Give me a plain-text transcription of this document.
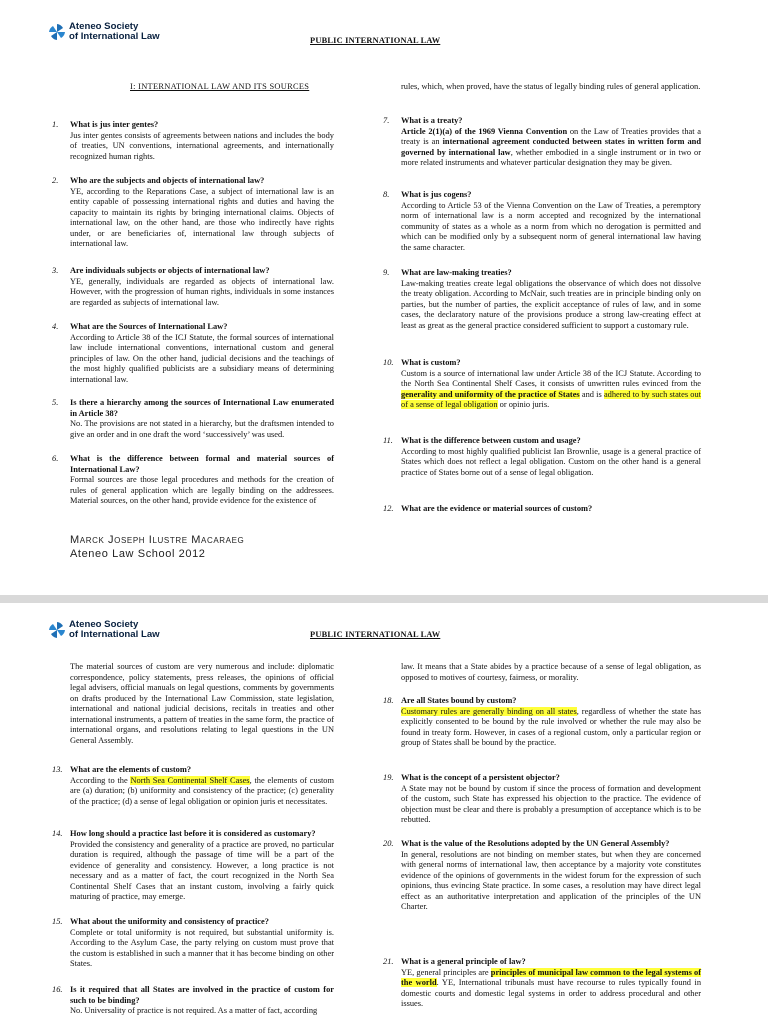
Ateneo Society
of International Law	PUBLIC INTERNATIONAL LAW
I: INTERNATIONAL LAW AND ITS SOURCES
1.	What is jus inter gentes?
Jus inter gentes consists of agreements between nations and includes the body of treaties, UN conventions, international agreements, and internationally recognized human rights.
2.	Who are the subjects and objects of international law?
YE, according to the Reparations Case, a subject of international law is an entity capable of possessing international rights and duties and having the capacity to maintain its rights by bringing international claims. Objects of international law, on the other hand, are those who indirectly have rights under, or are beneficiaries of, international law through subjects of international law.
3.	Are individuals subjects or objects of international law?
YE, generally, individuals are regarded as objects of international law. However, with the progression of human rights, individuals in some instances are regarded as subjects of international law.
4.	What are the Sources of International Law?
According to Article 38 of the ICJ Statute, the formal sources of international law include international conventions, international custom and general principles of law. On the other hand, judicial decisions and the teachings of the most highly qualified publicists are a subsidiary means of determining international law.
5.	Is there a hierarchy among the sources of International Law enumerated in Article 38?
No. The provisions are not stated in a hierarchy, but the draftsmen intended to give an order and in one draft the word ‘successively’ was used.
6.	What is the difference between formal and material sources of International Law?
Formal sources are those legal procedures and methods for the creation of rules of general application which are legally binding on the addressees. Material sources, on the other hand, provide evidence for the existence of
Marck Joseph Ilustre Macaraeg
Ateneo Law School 2012

rules, which, when proved, have the status of legally binding rules of general application.

7.	What is a treaty?
Article 2(1)(a) of the 1969 Vienna Convention on the Law of Treaties provides that a treaty is an international agreement conducted between states in written form and governed by international law, whether embodied in a single instrument or in two or more related instruments and whatever particular designation they may be given.
8.	What is jus cogens?
According to Article 53 of the Vienna Convention on the Law of Treaties, a peremptory norm of international law is a norm accepted and recognized by the international community of states as a whole as a norm from which no derogation is permitted and which can be modified only by a subsequent norm of general international law having the same character.
9.	What are law-making treaties?
Law-making treaties create legal obligations the observance of which does not dissolve the treaty obligation. According to McNair, such treaties are in principle binding only on parties, but the number of parties, the explicit acceptance of rules of law, and in some cases, the declaratory nature of the provisions produce a strong law-creating effect at least as great as the general practice considered sufficient to support a customary rule.
10. What is custom?
Custom is a source of international law under Article 38 of the ICJ Statute. According to the North Sea Continental Shelf Cases, it consists of unwritten rules evinced from the generality and uniformity of the practice of States and is adhered to by such states out of a sense of legal obligation or opinio juris.
11. What is the difference between custom and usage?
According to most highly qualified publicist Ian Brownlie, usage is a general practice of States which does not reflect a legal obligation. Custom on the other hand is a general practice of States borne out of a sense of legal obligation.
12. What are the evidence or material sources of custom?
Ateneo Society
of International Law	PUBLIC INTERNATIONAL LAW

The material sources of custom are very numerous and include: diplomatic correspondence, policy statements, press releases, the opinions of official legal advisers, official manuals on legal questions, comments by governments on drafts produced by the International Law Commission, state legislation, international and national judicial decisions, recitals in treaties and other international instruments, a pattern of treaties in the same form, the practice of international organs, and resolutions relating to legal questions in the UN General Assembly.

13. What are the elements of custom?
According to the North Sea Continental Shelf Cases, the elements of custom are (a) duration; (b) uniformity and consistency of the practice; (c) generality of the practice; (d) a sense of legal obligation or opinion juris et necessitates.
14. How long should a practice last before it is considered as customary?
Provided the consistency and generality of a practice are proved, no particular duration is required, although the passage of time will be a part of the evidence of generality and consistency. However, a long practice is not necessary and as a matter of fact, the court recognized in the North Sea Continental Shelf Cases that an instant custom, involving a fairly quick maturing of practice, may emerge.
15. What about the uniformity and consistency of practice?
Complete or total uniformity is not required, but substantial uniformity is. According to the Asylum Case, the party relying on custom must prove that the custom is established in such a manner that it has become binding on other States.
16. Is it required that all States are involved in the practice of custom for such to be binding?
No. Universality of practice is not required. As a matter of fact, according

law. It means that a State abides by a practice because of a sense of legal obligation, as opposed to motives of courtesy, fairness, or morality.

18. Are all States bound by custom?
Customary rules are generally binding on all states, regardless of whether the state has explicitly consented to be bound by the rule involved or whether the rule may also be found in treaty form. However, in cases of a regional custom, only a particular region or group of States shall be bound by the practice.
19. What is the concept of a persistent objector?
A State may not be bound by custom if since the process of formation and development of the custom, such State has expressed his objection to the practice. The evidence of objection must be clear and there is probably a presumption of acceptance which is to be rebutted.
20. What is the value of the Resolutions adopted by the UN General Assembly?
In general, resolutions are not binding on member states, but when they are concerned with general norms of international law, then acceptance by a majority vote constitutes evidence of the opinions of governments in the widest forum for the expression of such opinions, thus evincing State practice. In some cases, a resolution may have direct legal effect as an authoritative interpretation and application of the principles of the UN Charter.
21. What is a general principle of law?
YE, general principles are principles of municipal law common to the legal systems of the world. YE, International tribunals must have recourse to rules typically found in domestic courts and domestic legal systems in order to address procedural and other issues.
